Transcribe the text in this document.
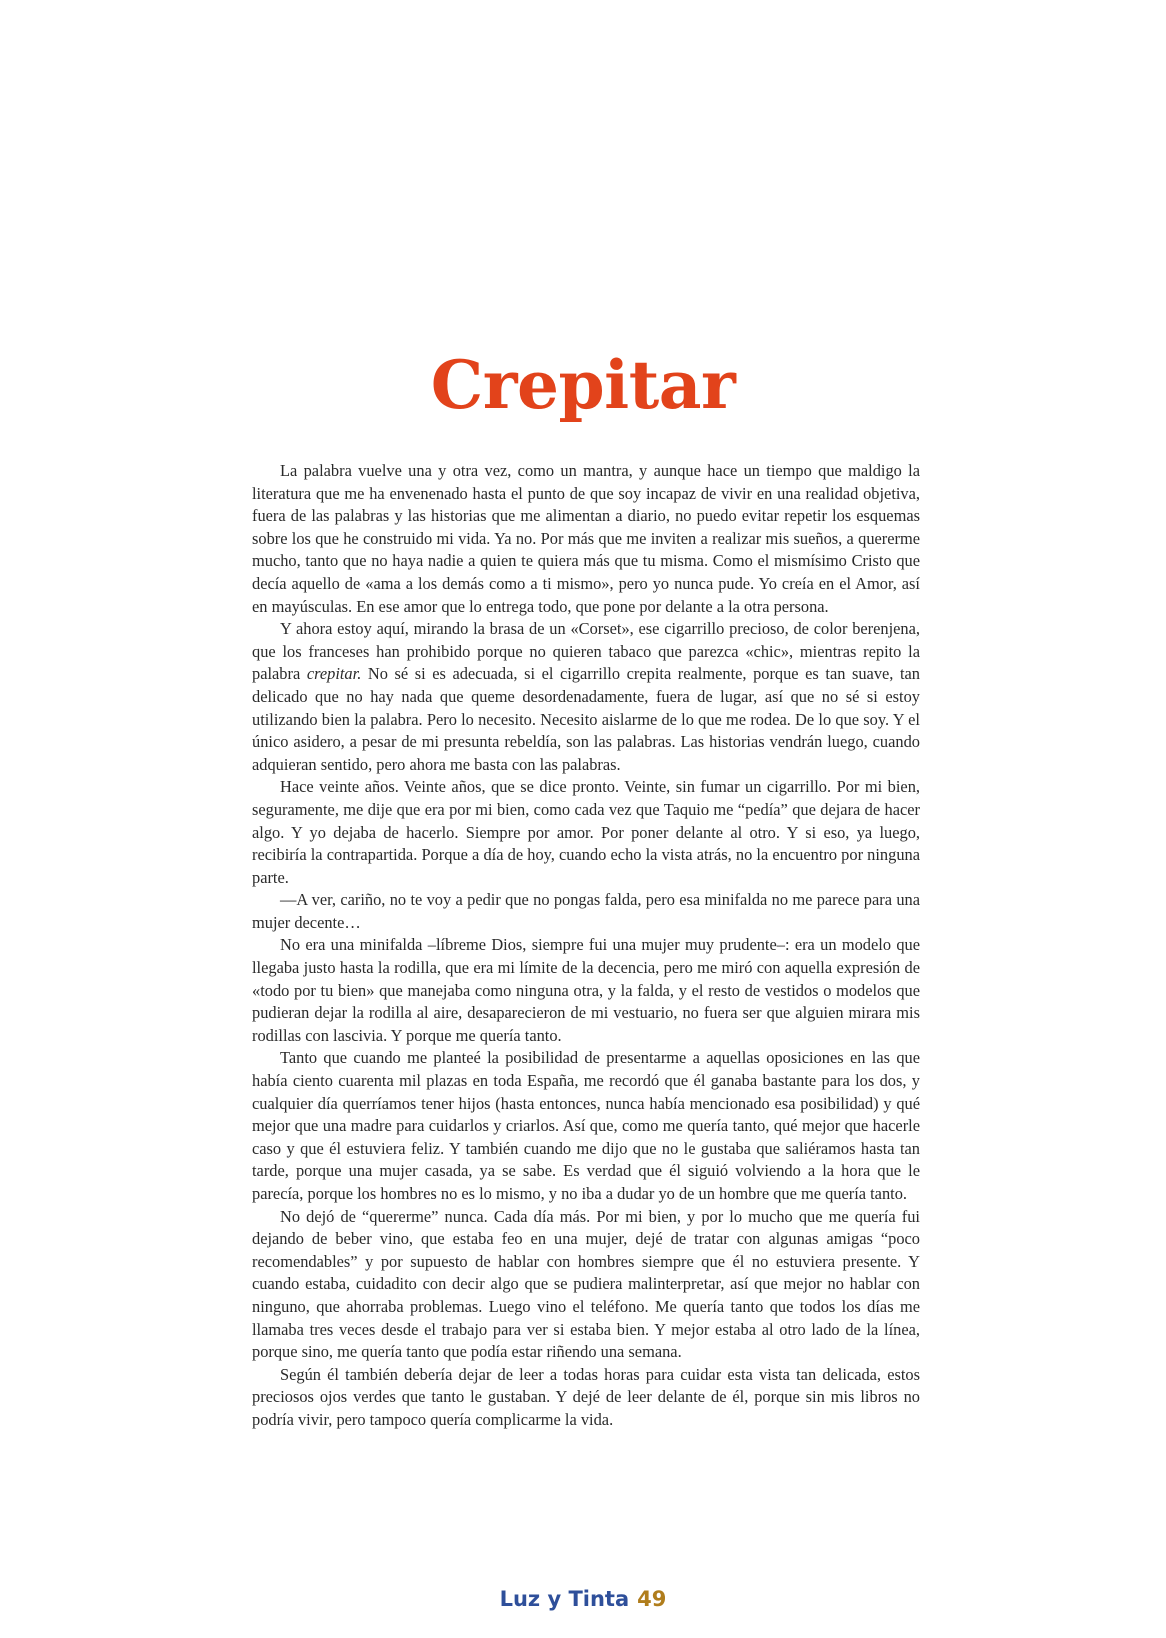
Crepitar

La palabra vuelve una y otra vez, como un mantra, y aunque hace un tiempo que maldigo la literatura que me ha envenenado hasta el punto de que soy incapaz de vivir en una realidad objetiva, fuera de las palabras y las historias que me alimentan a diario, no puedo evitar repetir los esquemas sobre los que he construido mi vida. Ya no. Por más que me inviten a realizar mis sueños, a quererme mucho, tanto que no haya nadie a quien te quiera más que tu misma. Como el mismísimo Cristo que decía aquello de «ama a los demás como a ti mismo», pero yo nunca pude. Yo creía en el Amor, así en mayúsculas. En ese amor que lo entrega todo, que pone por delante a la otra persona.

Y ahora estoy aquí, mirando la brasa de un «Corset», ese cigarrillo precioso, de color berenjena, que los franceses han prohibido porque no quieren tabaco que parezca «chic», mientras repito la palabra crepitar. No sé si es adecuada, si el cigarrillo crepita realmente, porque es tan suave, tan delicado que no hay nada que queme desordenadamente, fuera de lugar, así que no sé si estoy utilizando bien la palabra. Pero lo necesito. Necesito aislarme de lo que me rodea. De lo que soy. Y el único asidero, a pesar de mi presunta rebeldía, son las palabras. Las historias vendrán luego, cuando adquieran sentido, pero ahora me basta con las palabras.

Hace veinte años. Veinte años, que se dice pronto. Veinte, sin fumar un cigarrillo. Por mi bien, seguramente, me dije que era por mi bien, como cada vez que Taquio me “pedía” que dejara de hacer algo. Y yo dejaba de hacerlo. Siempre por amor. Por poner delante al otro. Y si eso, ya luego, recibiría la contrapartida. Porque a día de hoy, cuando echo la vista atrás, no la encuentro por ninguna parte.

—A ver, cariño, no te voy a pedir que no pongas falda, pero esa minifalda no me parece para una mujer decente…

No era una minifalda –líbreme Dios, siempre fui una mujer muy prudente–: era un modelo que llegaba justo hasta la rodilla, que era mi límite de la decencia, pero me miró con aquella expresión de «todo por tu bien» que manejaba como ninguna otra, y la falda, y el resto de vestidos o modelos que pudieran dejar la rodilla al aire, desaparecieron de mi vestuario, no fuera ser que alguien mirara mis rodillas con lascivia. Y porque me quería tanto.

Tanto que cuando me planteé la posibilidad de presentarme a aquellas oposiciones en las que había ciento cuarenta mil plazas en toda España, me recordó que él ganaba bastante para los dos, y cualquier día querríamos tener hijos (hasta entonces, nunca había mencionado esa posibilidad) y qué mejor que una madre para cuidarlos y criarlos. Así que, como me quería tanto, qué mejor que hacerle caso y que él estuviera feliz. Y también cuando me dijo que no le gustaba que saliéramos hasta tan tarde, porque una mujer casada, ya se sabe. Es verdad que él siguió volviendo a la hora que le parecía, porque los hombres no es lo mismo, y no iba a dudar yo de un hombre que me quería tanto.

No dejó de “quererme” nunca. Cada día más. Por mi bien, y por lo mucho que me quería fui dejando de beber vino, que estaba feo en una mujer, dejé de tratar con algunas amigas “poco recomendables” y por supuesto de hablar con hombres siempre que él no estuviera presente. Y cuando estaba, cuidadito con decir algo que se pudiera malinterpretar, así que mejor no hablar con ninguno, que ahorraba problemas. Luego vino el teléfono. Me quería tanto que todos los días me llamaba tres veces desde el trabajo para ver si estaba bien. Y mejor estaba al otro lado de la línea, porque sino, me quería tanto que podía estar riñendo una semana.

Según él también debería dejar de leer a todas horas para cuidar esta vista tan delicada, estos preciosos ojos verdes que tanto le gustaban. Y dejé de leer delante de él, porque sin mis libros no podría vivir, pero tampoco quería complicarme la vida.

Luz y Tinta 49
